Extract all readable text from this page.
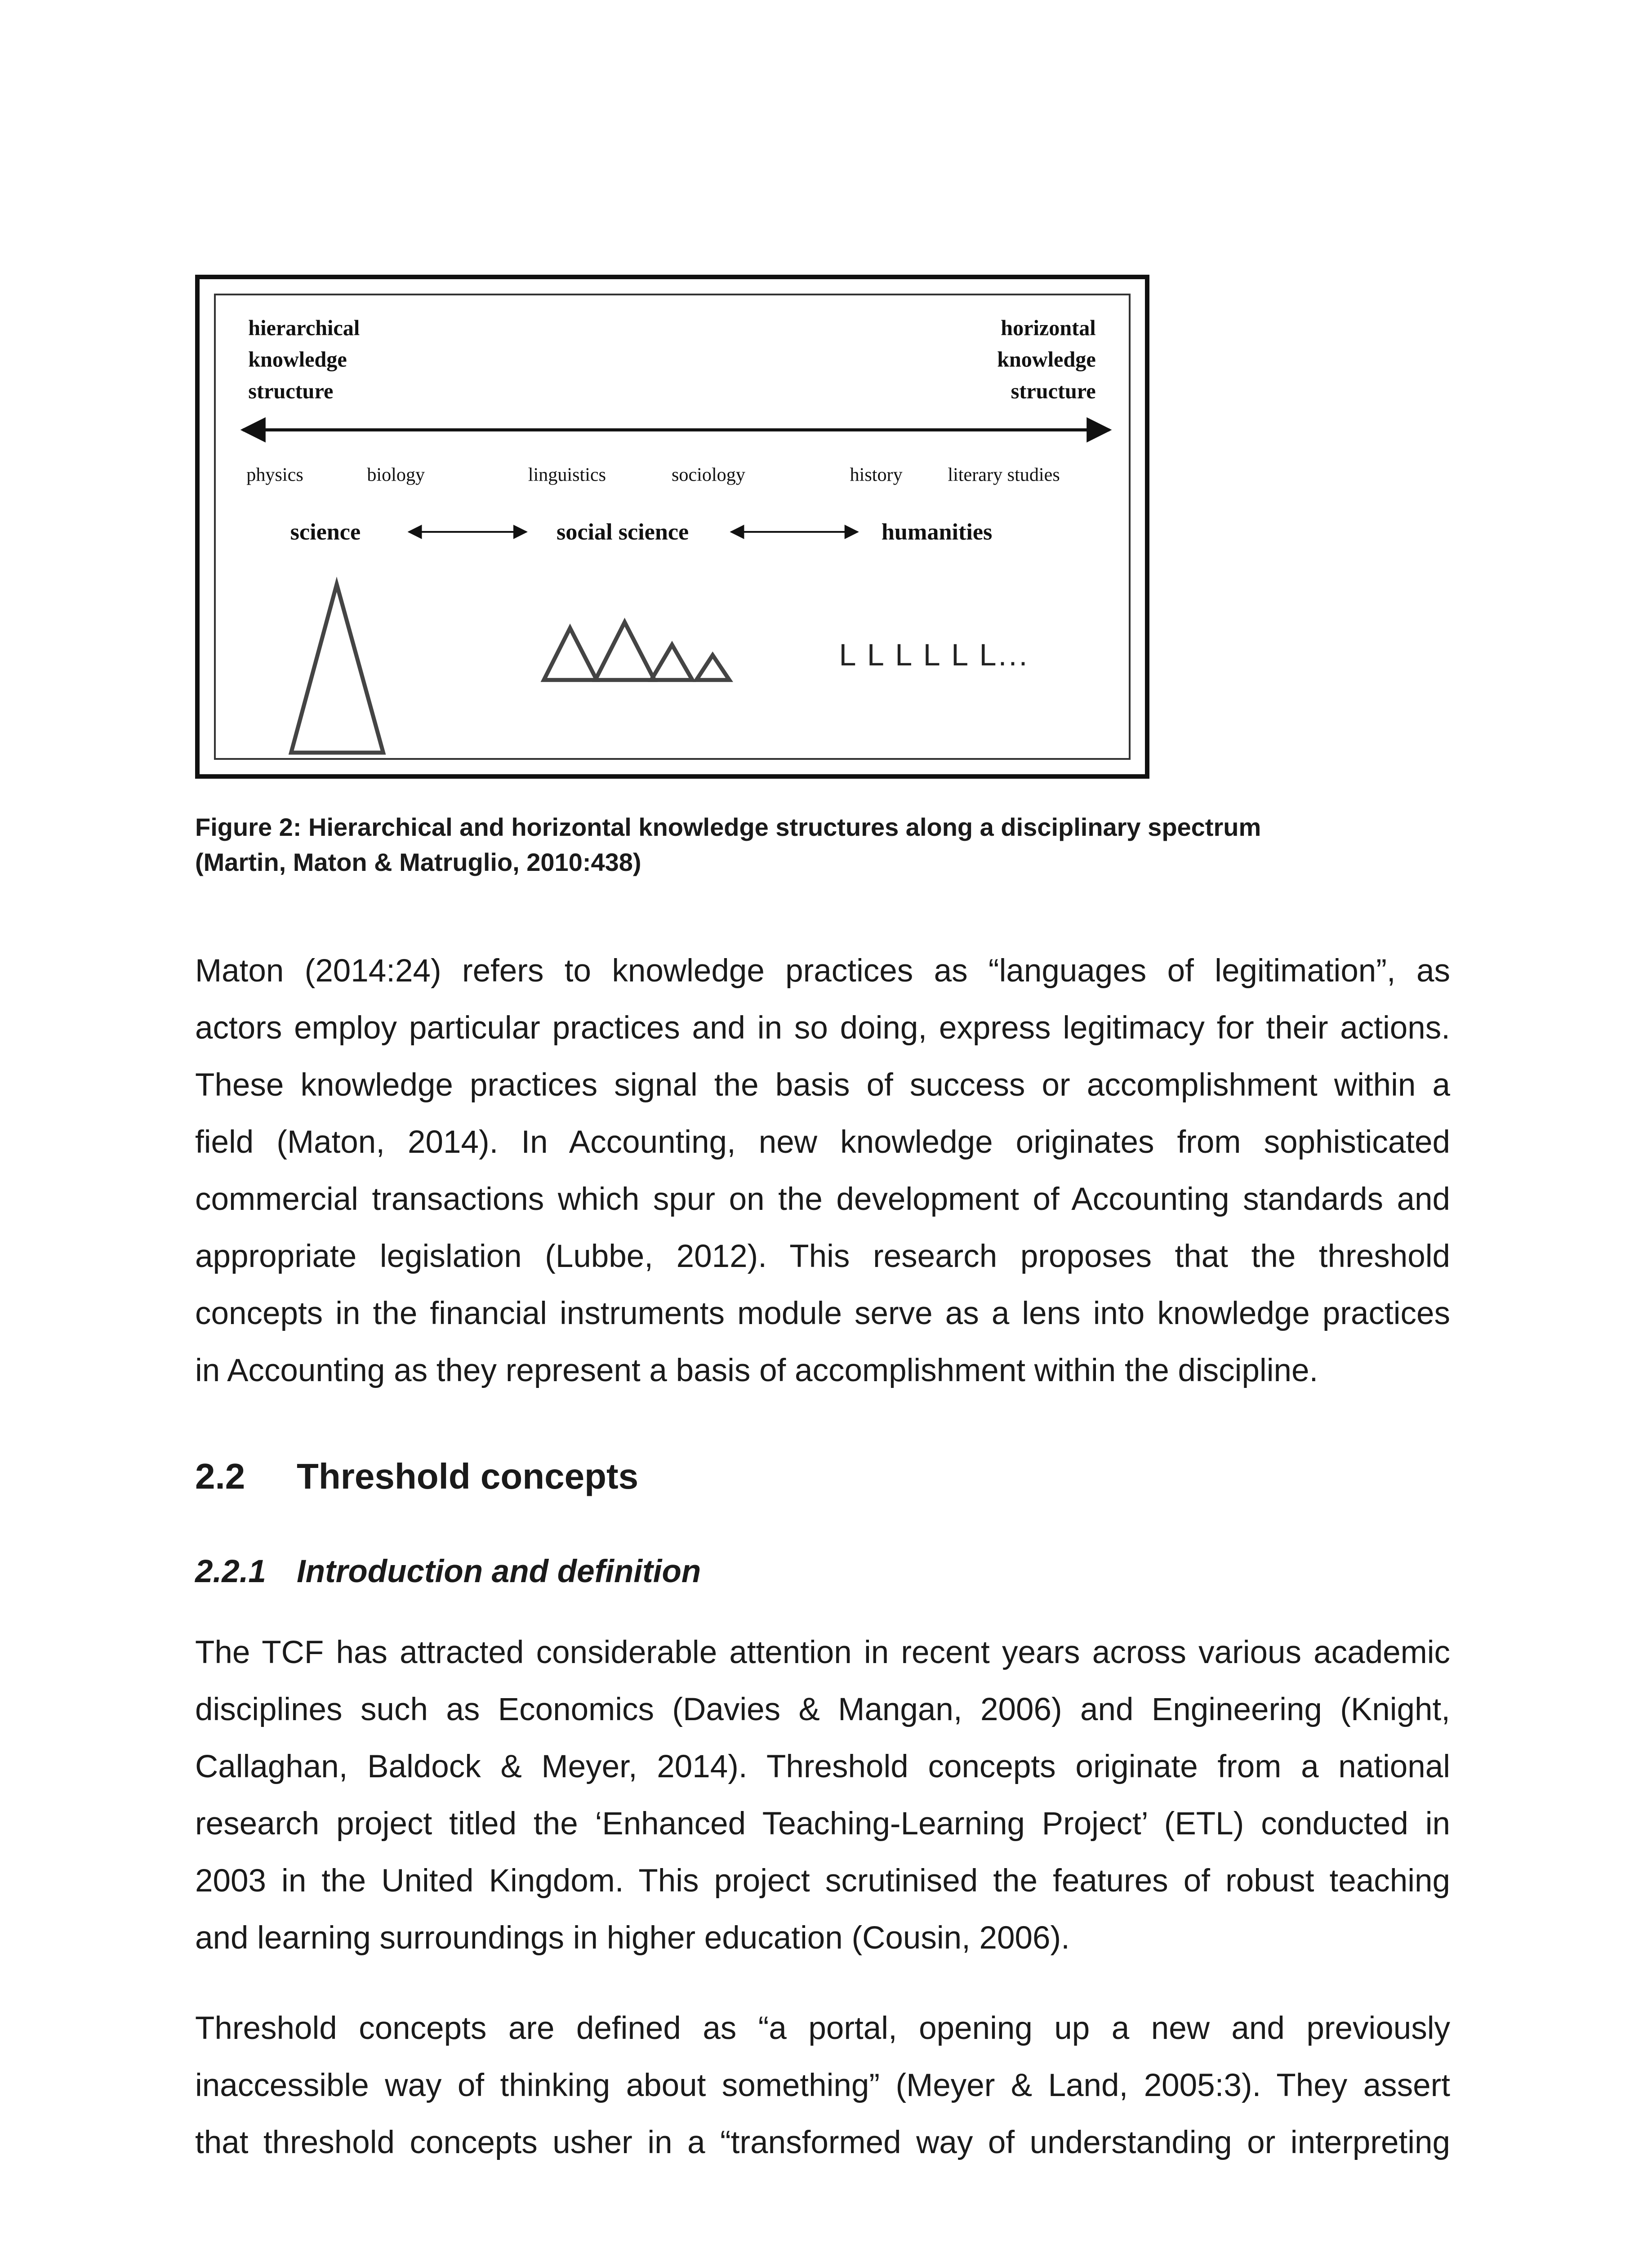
hierarchical
knowledge
structure
horizontal
knowledge
structure
physics	biology	linguistics	sociology	history literary studies
science	social science	humanities
L L L L L L...

Figure 2: Hierarchical and horizontal knowledge structures along a disciplinary spectrum
(Martin, Maton & Matruglio, 2010:438)

Maton (2014:24) refers to knowledge practices as “languages of legitimation”, as
actors employ particular practices and in so doing, express legitimacy for their actions.
These knowledge practices signal the basis of success or accomplishment within a
field (Maton, 2014). In Accounting, new knowledge originates from sophisticated
commercial transactions which spur on the development of Accounting standards and
appropriate legislation (Lubbe, 2012). This research proposes that the threshold
concepts in the financial instruments module serve as a lens into knowledge practices
in Accounting as they represent a basis of accomplishment within the discipline.

2.2 Threshold concepts
2.2.1 Introduction and definition

The TCF has attracted considerable attention in recent years across various academic
disciplines such as Economics (Davies & Mangan, 2006) and Engineering (Knight,
Callaghan, Baldock & Meyer, 2014). Threshold concepts originate from a national
research project titled the ‘Enhanced Teaching-Learning Project’ (ETL) conducted in
2003 in the United Kingdom. This project scrutinised the features of robust teaching
and learning surroundings in higher education (Cousin, 2006).

Threshold concepts are defined as “a portal, opening up a new and previously
inaccessible way of thinking about something” (Meyer & Land, 2005:3). They assert
that threshold concepts usher in a “transformed way of understanding or interpreting
